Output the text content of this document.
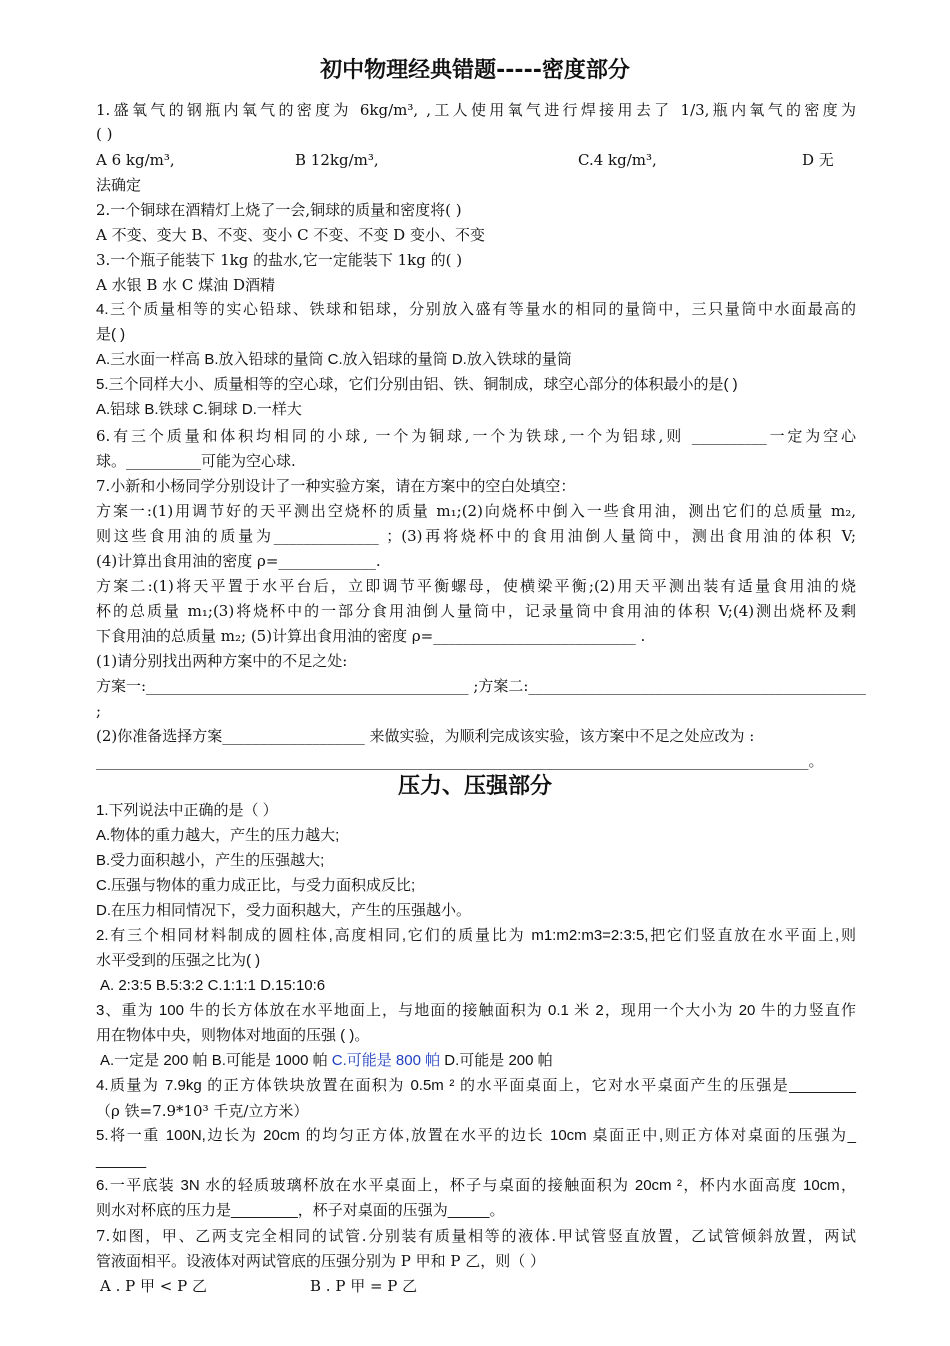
初中物理经典错题-----密度部分
1.盛氧气的钢瓶内氧气的密度为 6kg/m³, ,工人使用氧气进行焊接用去了 1/3,瓶内氧气的密度为
( )
A 6 kg/m³,	B 12kg/m³,	C.4 kg/m³,	D 无
法确定
2.一个铜球在酒精灯上烧了一会,铜球的质量和密度将( )
A 不变、变大 B、不变、变小 C 不变、不变 D 变小、不变
3.一个瓶子能装下 1kg 的盐水,它一定能装下 1kg 的( )
A 水银 B 水 C 煤油 D酒精
4.三个质量相等的实心铅球、铁球和铝球，分别放入盛有等量水的相同的量筒中，三只量筒中水面最高的
是( )
A.三水面一样高 B.放入铅球的量筒 C.放入铝球的量筒 D.放入铁球的量筒
5.三个同样大小、质量相等的空心球，它们分别由铝、铁、铜制成，球空心部分的体积最小的是( )
A.铝球 B.铁球 C.铜球 D.一样大
6.有三个质量和体积均相同的小球, 一个为铜球,一个为铁球,一个为铝球,则 __________一定为空心
球。__________可能为空心球.
7.小新和小杨同学分别设计了一种实验方案，请在方案中的空白处填空：
方案一:(1)用调节好的天平测出空烧杯的质量 m₁;(2)向烧杯中倒入一些食用油，测出它们的总质量 m₂,
则这些食用油的质量为______________ ；(3)再将烧杯中的食用油倒人量筒中，测出食用油的体积 V;
(4)计算出食用油的密度 ρ=_____________.
方案二:(1)将天平置于水平台后，立即调节平衡螺母，使横梁平衡;(2)用天平测出装有适量食用油的烧
杯的总质量 m₁;(3)将烧杯中的一部分食用油倒人量筒中，记录量筒中食用油的体积 V;(4)测出烧杯及剩
下食用油的总质量 m₂; (5)计算出食用油的密度 ρ=___________________________ .
(1)请分别找出两种方案中的不足之处:
方案一:___________________________________________ ;方案二:_____________________________________________
;
(2)你准备选择方案___________________ 来做实验，为顺利完成该实验，该方案中不足之处应改为 :
_______________________________________________________________________________________________。
压力、压强部分
1.下列说法中正确的是（ ）
A.物体的重力越大，产生的压力越大;
B.受力面积越小，产生的压强越大;
C.压强与物体的重力成正比，与受力面积成反比;
D.在压力相同情况下，受力面积越大，产生的压强越小。
2.有三个相同材料制成的圆柱体,高度相同,它们的质量比为 m1:m2:m3=2:3:5,把它们竖直放在水平面上,则
水平受到的压强之比为( )
A. 2:3:5 B.5:3:2 C.1:1:1 D.15:10:6
3、重为 100 牛的长方体放在水平地面上，与地面的接触面积为 0.1 米 2，现用一个大小为 20 牛的力竖直作
用在物体中央，则物体对地面的压强 ( )。
A.一定是 200 帕 B.可能是 1000 帕 C.可能是 800 帕 D.可能是 200 帕
4.质量为 7.9kg 的正方体铁块放置在面积为 0.5m ² 的水平面桌面上，它对水平桌面产生的压强是________
（ρ 铁=7.9*10³ 千克/立方米）
5.将一重 100N,边长为 20cm 的均匀正方体,放置在水平的边长 10cm 桌面正中,则正方体对桌面的压强为_
______
6.一平底装 3N 水的轻质玻璃杯放在水平桌面上，杯子与桌面的接触面积为 20cm ²，杯内水面高度 10cm，
则水对杯底的压力是________，杯子对桌面的压强为_____。
7.如图，甲、乙两支完全相同的试管.分别装有质量相等的液体.甲试管竖直放置，乙试管倾斜放置，两试
管液面相平。设液体对两试管底的压强分别为 P 甲和 P 乙，则（ ）
A . P 甲 < P 乙	B . P 甲 = P 乙
